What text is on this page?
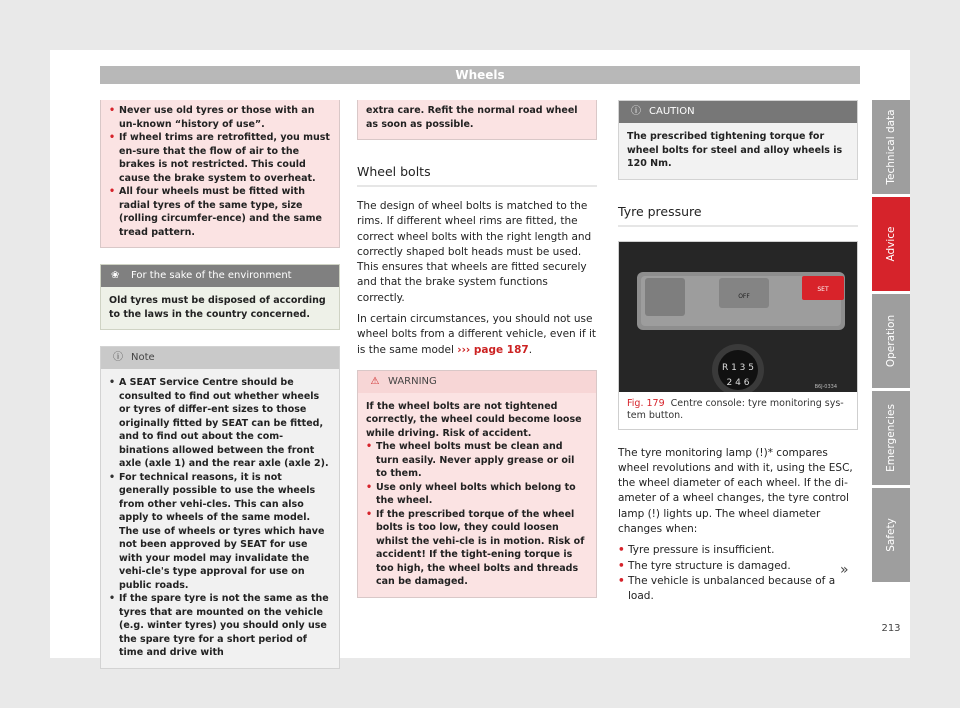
Wheels
• Never use old tyres or those with an un-known “history of use”.
• If wheel trims are retrofitted, you must en-sure that the flow of air to the brakes is not restricted. This could cause the brake system to overheat.
• All four wheels must be fitted with radial tyres of the same type, size (rolling circumfer-ence) and the same tread pattern.
❀ For the sake of the environment
Old tyres must be disposed of according to the laws in the country concerned.
ⓘ Note
• A SEAT Service Centre should be consulted to find out whether wheels or tyres of differ-ent sizes to those originally fitted by SEAT can be fitted, and to find out about the com-binations allowed between the front axle (axle 1) and the rear axle (axle 2).
• For technical reasons, it is not generally possible to use the wheels from other vehi-cles. This can also apply to wheels of the same model. The use of wheels or tyres which have not been approved by SEAT for use with your model may invalidate the vehi-cle's type approval for use on public roads.
• If the spare tyre is not the same as the tyres that are mounted on the vehicle (e.g. winter tyres) you should only use the spare tyre for a short period of time and drive with
extra care. Refit the normal road wheel as soon as possible.
Wheel bolts

The design of wheel bolts is matched to the rims. If different wheel rims are fitted, the correct wheel bolts with the right length and correctly shaped bolt heads must be used. This ensures that wheels are fitted securely and that the brake system functions correctly.

In certain circumstances, you should not use wheel bolts from a different vehicle, even if it is the same model ››› page 187.

⚠ WARNING
If the wheel bolts are not tightened correctly, the wheel could become loose while driving. Risk of accident.
• The wheel bolts must be clean and turn easily. Never apply grease or oil to them.
• Use only wheel bolts which belong to the wheel.
• If the prescribed torque of the wheel bolts is too low, they could loosen whilst the vehi-cle is in motion. Risk of accident! If the tight-ening torque is too high, the wheel bolts and threads can be damaged.
ⓘ CAUTION
The prescribed tightening torque for wheel bolts for steel and alloy wheels is 120 Nm.
Tyre pressure
R 1 3 5
2 4 6
SET
OFF
B6J-0334
Fig. 179 Centre console: tyre monitoring sys-tem button.

The tyre monitoring lamp (!)* compares wheel revolutions and with it, using the ESC, the wheel diameter of each wheel. If the di-ameter of a wheel changes, the tyre control lamp (!) lights up. The wheel diameter changes when:

• Tyre pressure is insufficient.
• The tyre structure is damaged.
• The vehicle is unbalanced because of a load.
»
Technical data
Advice
Operation
Emergencies
Safety
213
